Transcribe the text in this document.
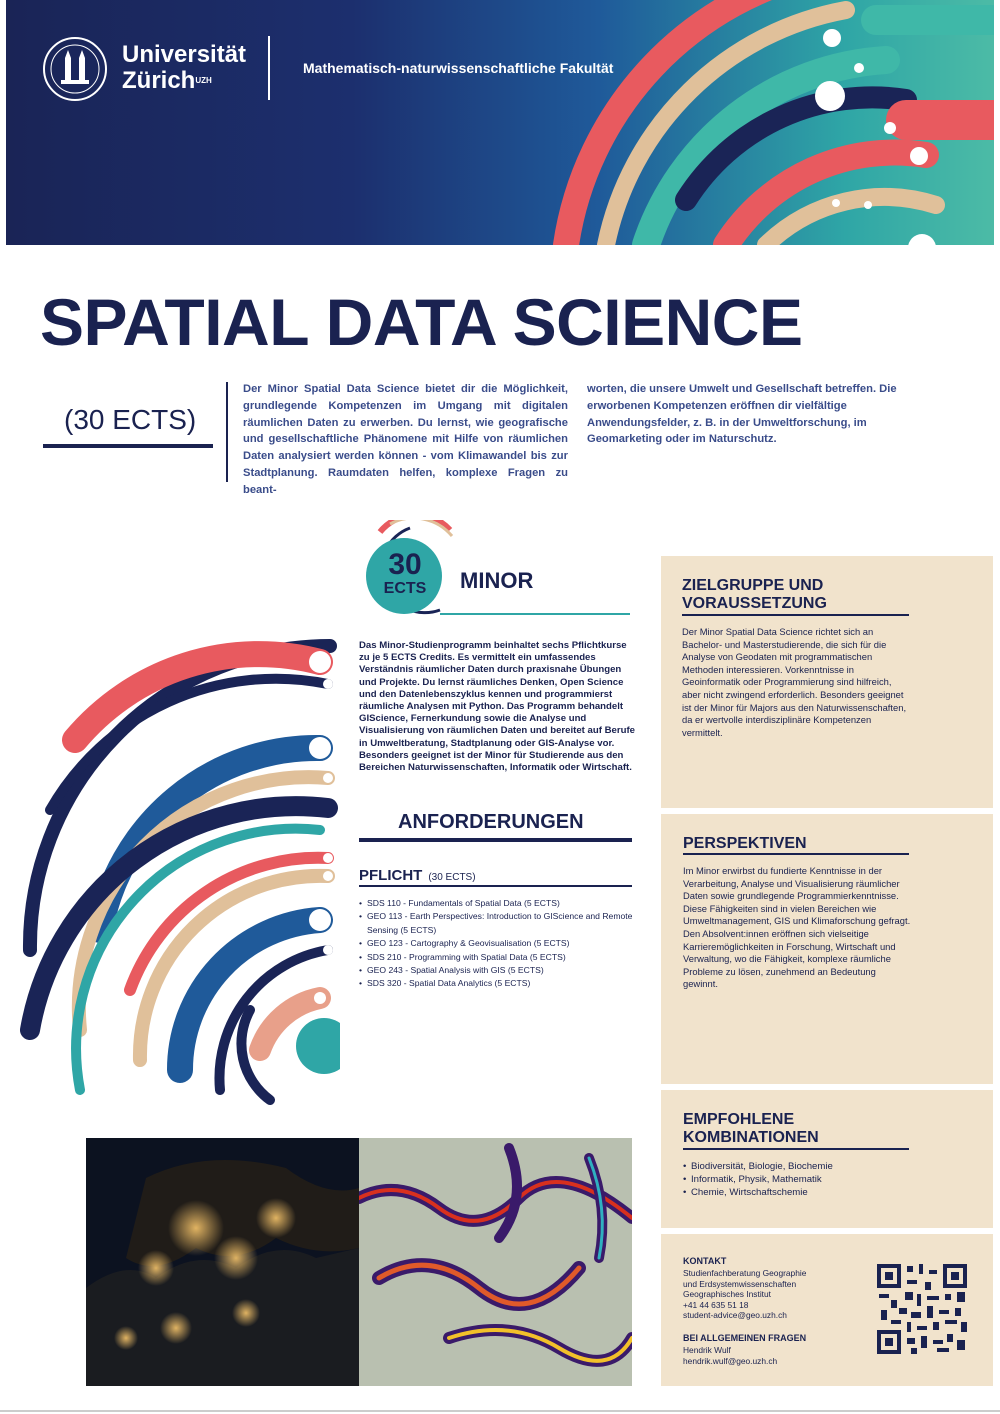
Universität
Zürich$^{UZH}$
Mathematisch-naturwissenschaftliche Fakultät
SPATIAL DATA SCIENCE
(30 ECTS)
Der Minor Spatial Data Science bietet dir die Möglichkeit, grundlegende Kompetenzen im Umgang mit digitalen räumlichen Daten zu erwerben. Du lernst, wie geografische und gesellschaftliche Phänomene mit Hilfe von räumlichen Daten analysiert werden können - vom Klimawandel bis zur Stadtplanung. Raumdaten helfen, komplexe Fragen zu beant-
worten, die unsere Umwelt und Gesellschaft betreffen. Die erworbenen Kompetenzen eröffnen dir vielfältige Anwendungsfelder, z. B. in der Umweltforschung, im Geomarketing oder im Naturschutz.
30
ECTS MINOR
Das Minor-Studienprogramm beinhaltet sechs Pflichtkurse zu je 5 ECTS Credits. Es vermittelt ein umfassendes Verständnis räumlicher Daten durch praxisnahe Übungen und Projekte. Du lernst räumliches Denken, Open Science und den Datenlebenszyklus kennen und programmierst räumliche Analysen mit Python. Das Programm behandelt GIScience, Fernerkundung sowie die Analyse und Visualisierung von räumlichen Daten und bereitet auf Berufe in Umweltberatung, Stadtplanung oder GIS-Analyse vor. Besonders geeignet ist der Minor für Studierende aus den Bereichen Naturwissenschaften, Informatik oder Wirtschaft.
ANFORDERUNGEN
PFLICHT (30 ECTS)
• SDS 110 - Fundamentals of Spatial Data (5 ECTS)
• GEO 113 - Earth Perspectives: Introduction to GIScience and Remote Sensing (5 ECTS)
• GEO 123 - Cartography & Geovisualisation (5 ECTS)
• SDS 210 - Programming with Spatial Data (5 ECTS)
• GEO 243 - Spatial Analysis with GIS (5 ECTS)
• SDS 320 - Spatial Data Analytics (5 ECTS)
ZIELGRUPPE UND
VORAUSSETZUNG
Der Minor Spatial Data Science richtet sich an Bachelor- und Masterstudierende, die sich für die Analyse von Geodaten mit programmatischen Methoden interessieren. Vorkenntnisse in Geoinformatik oder Programmierung sind hilfreich, aber nicht zwingend erforderlich. Besonders geeignet ist der Minor für Majors aus den Naturwissenschaften, da er wertvolle interdisziplinäre Kompetenzen vermittelt.
PERSPEKTIVEN
Im Minor erwirbst du fundierte Kenntnisse in der Verarbeitung, Analyse und Visualisierung räumlicher Daten sowie grundlegende Programmierkenntnisse. Diese Fähigkeiten sind in vielen Bereichen wie Umweltmanagement, GIS und Klimaforschung gefragt. Den Absolvent:innen eröffnen sich vielseitige Karrieremöglichkeiten in Forschung, Wirtschaft und Verwaltung, wo die Fähigkeit, komplexe räumliche Probleme zu lösen, zunehmend an Bedeutung gewinnt.
EMPFOHLENE
KOMBINATIONEN
• Biodiversität, Biologie, Biochemie
• Informatik, Physik, Mathematik
• Chemie, Wirtschaftschemie
KONTAKT
Studienfachberatung Geographie
und Erdsystemwissenschaften
Geographisches Institut
+41 44 635 51 18
student-advice@geo.uzh.ch
BEI ALLGEMEINEN FRAGEN
Hendrik Wulf
hendrik.wulf@geo.uzh.ch
